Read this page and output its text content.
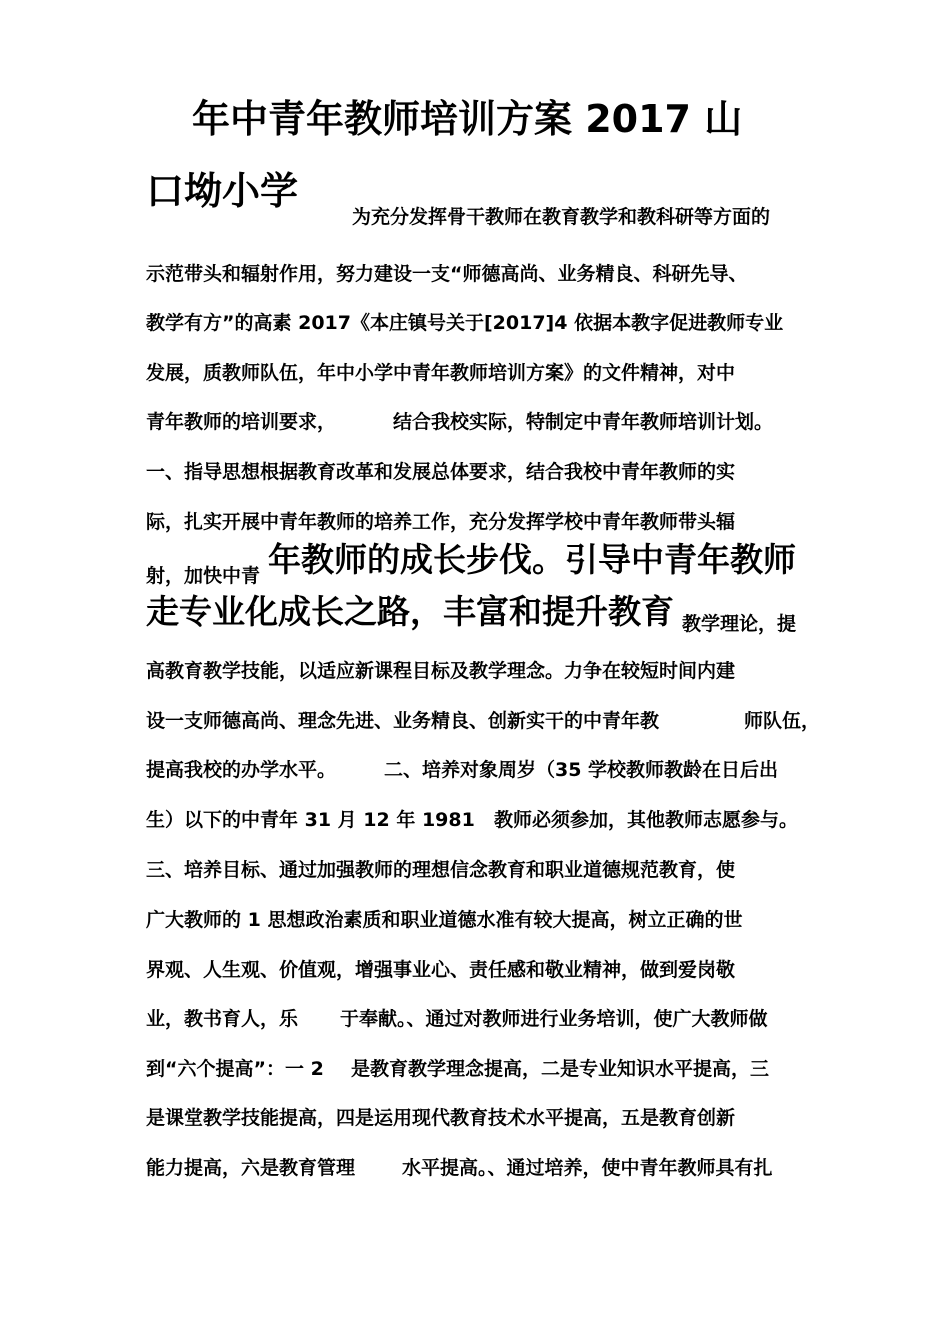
年中青年教师培训方案 2017 山
口坳小学
为充分发挥骨干教师在教育教学和教科研等方面的
示范带头和辐射作用，努力建设一支“师德高尚、业务精良、科研先导、
教学有方”的高素 2017《本庄镇号关于[2017]4 依据本教字促进教师专业
发展，质教师队伍，年中小学中青年教师培训方案》的文件精神，对中
青年教师的培训要求，	结合我校实际，特制定中青年教师培训计划。
一、指导思想根据教育改革和发展总体要求，结合我校中青年教师的实
际，扎实开展中青年教师的培养工作，充分发挥学校中青年教师带头辐
射，加快中青 年教师的成长步伐。引导中青年教师
走专业化成长之路，丰富和提升教育 教学理论，提
高教育教学技能，以适应新课程目标及教学理念。力争在较短时间内建
设一支师德高尚、理念先进、业务精良、创新实干的中青年教	师队伍，
提高我校的办学水平。	二、培养对象周岁（35 学校教师教龄在日后出
生）以下的中青年 31 月 12 年 1981 教师必须参加，其他教师志愿参与。
三、培养目标、通过加强教师的理想信念教育和职业道德规范教育，使
广大教师的 1 思想政治素质和职业道德水准有较大提高，树立正确的世
界观、人生观、价值观，增强事业心、责任感和敬业精神，做到爱岗敬
业，教书育人，乐 于奉献。、通过对教师进行业务培训，使广大教师做
到“六个提高”：一 2 是教育教学理念提高，二是专业知识水平提高，三
是课堂教学技能提高，四是运用现代教育技术水平提高，五是教育创新
能力提高，六是教育管理 水平提高。、通过培养，使中青年教师具有扎
